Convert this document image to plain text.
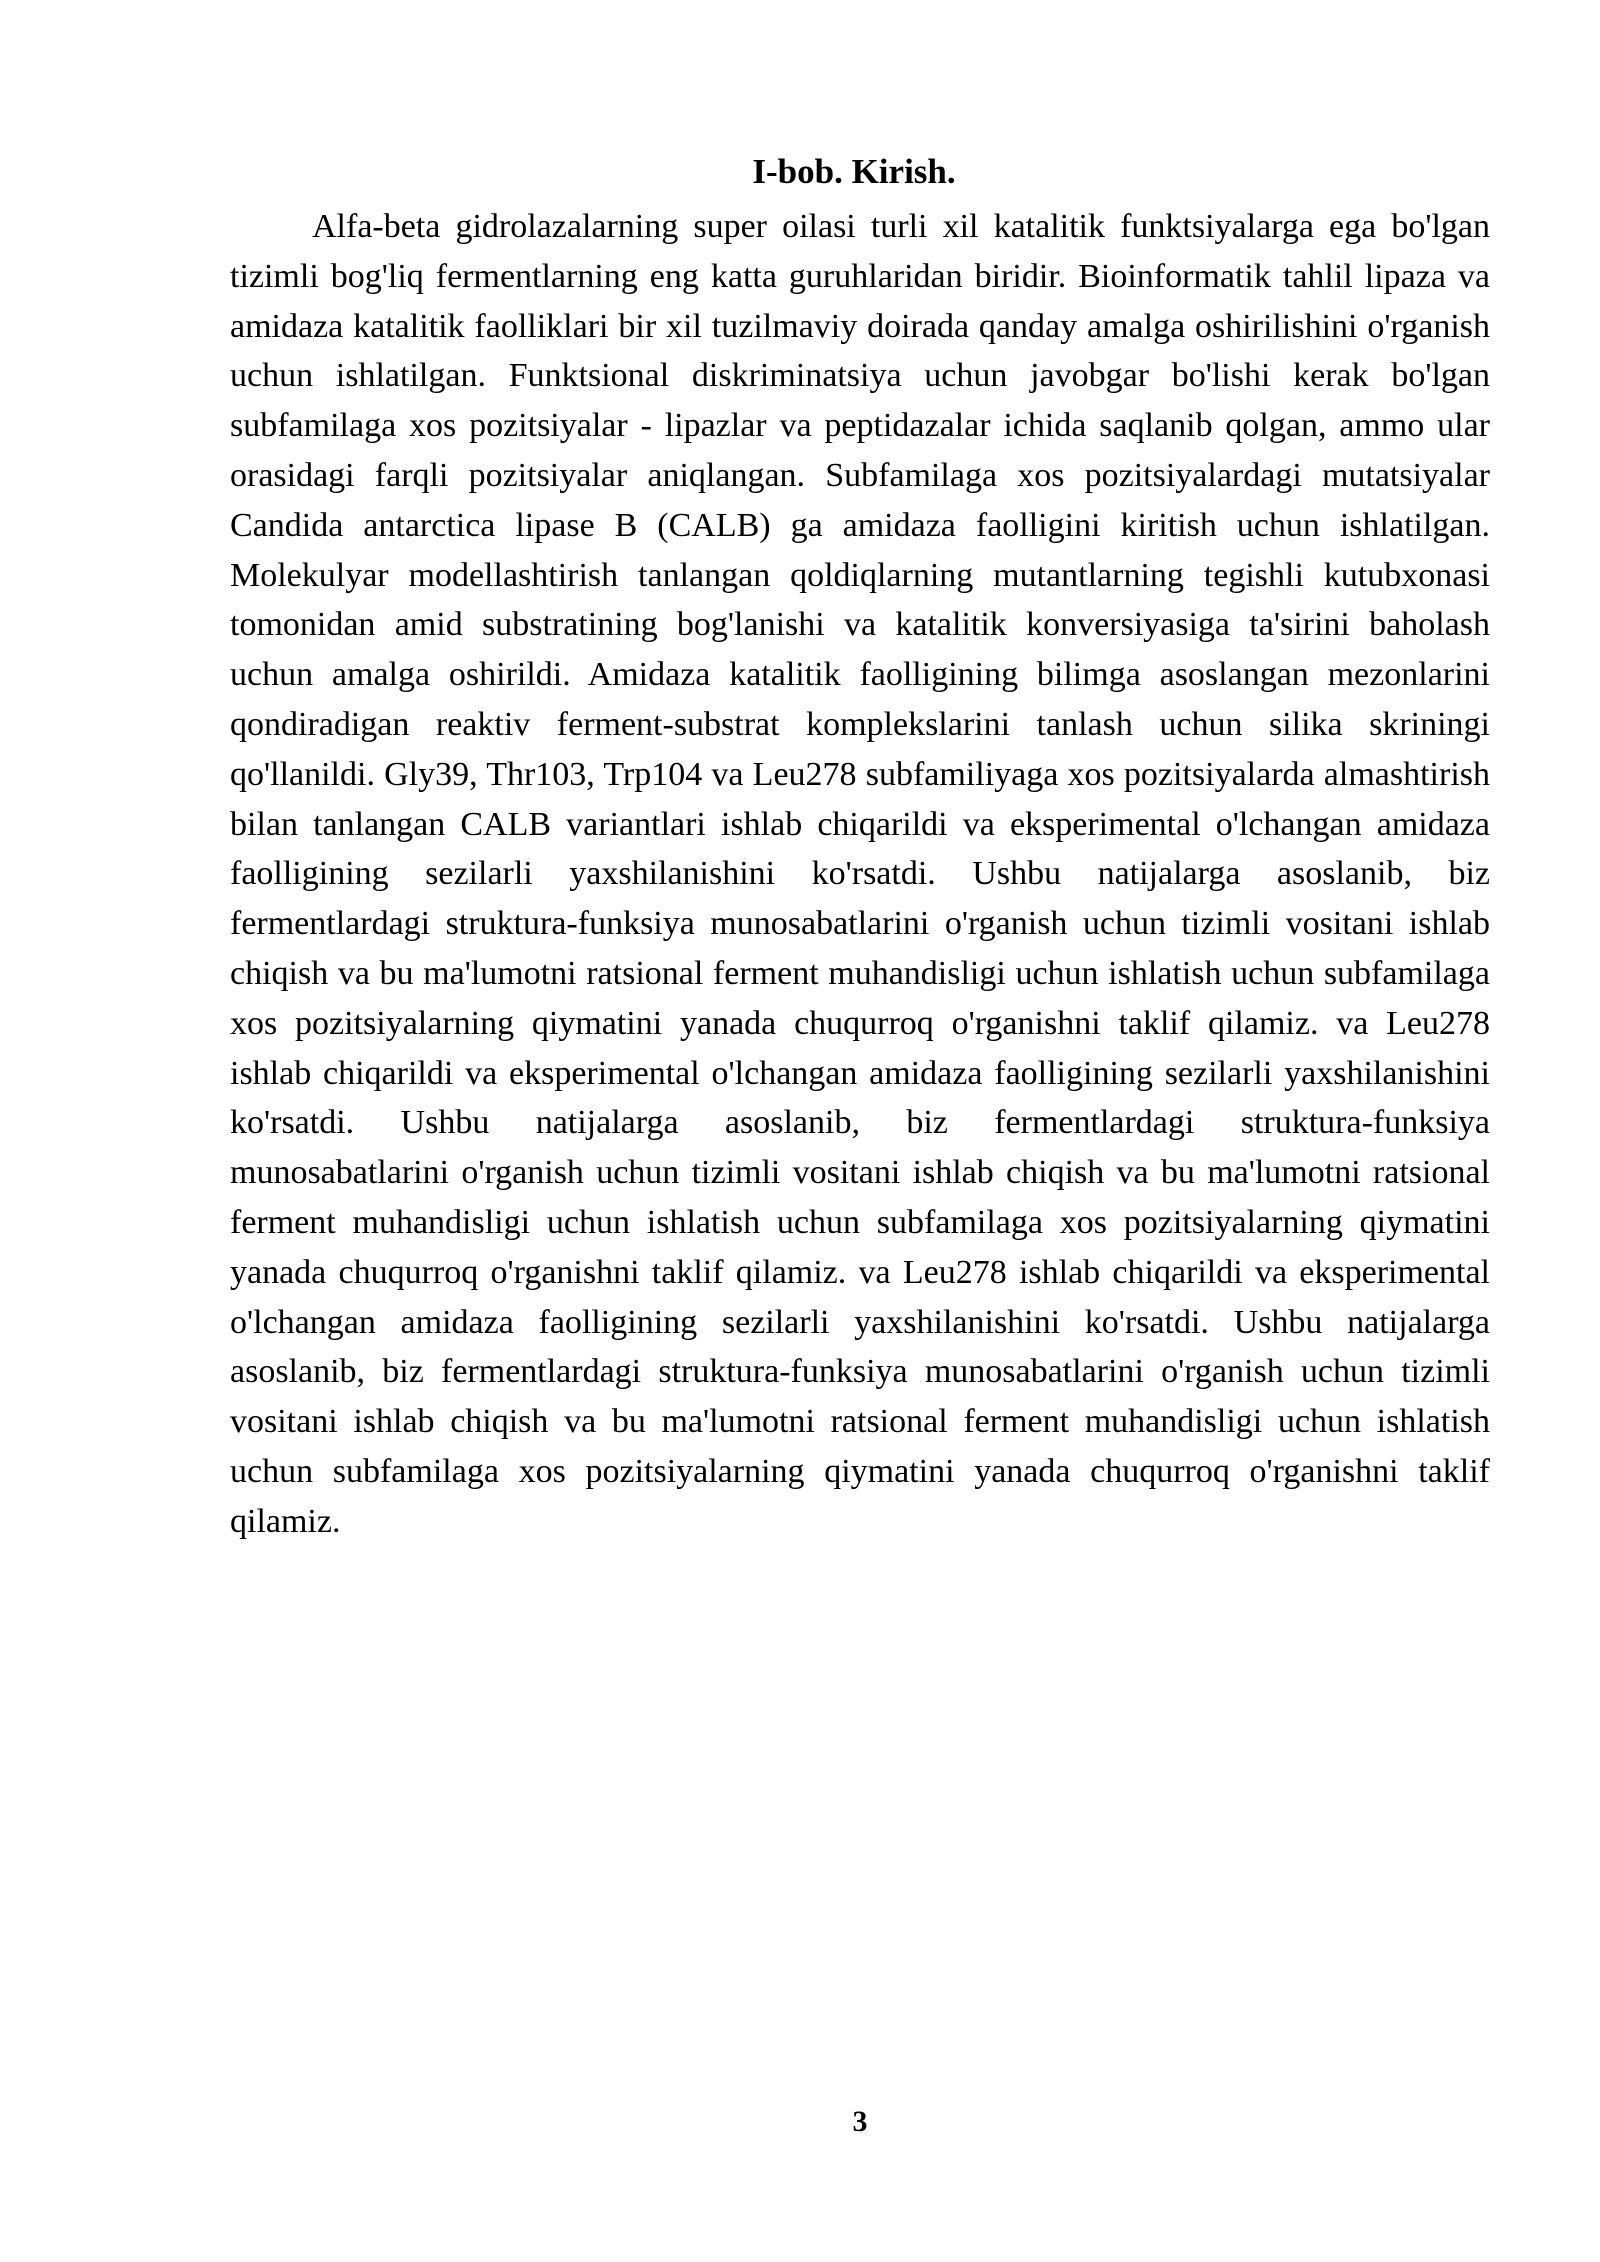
I-bob. Kirish.

Alfa-beta gidrolazalarning super oilasi turli xil katalitik funktsiyalarga ega bo'lgan tizimli bog'liq fermentlarning eng katta guruhlaridan biridir. Bioinformatik tahlil lipaza va amidaza katalitik faolliklari bir xil tuzilmaviy doirada qanday amalga oshirilishini o'rganish uchun ishlatilgan. Funktsional diskriminatsiya uchun javobgar bo'lishi kerak bo'lgan subfamilaga xos pozitsiyalar - lipazlar va peptidazalar ichida saqlanib qolgan, ammo ular orasidagi farqli pozitsiyalar aniqlangan. Subfamilaga xos pozitsiyalardagi mutatsiyalar Candida antarctica lipase B (CALB) ga amidaza faolligini kiritish uchun ishlatilgan. Molekulyar modellashtirish tanlangan qoldiqlarning mutantlarning tegishli kutubxonasi tomonidan amid substratining bog'lanishi va katalitik konversiyasiga ta'sirini baholash uchun amalga oshirildi. Amidaza katalitik faolligining bilimga asoslangan mezonlarini qondiradigan reaktiv ferment-substrat komplekslarini tanlash uchun silika skriningi qo'llanildi. Gly39, Thr103, Trp104 va Leu278 subfamiliyaga xos pozitsiyalarda almashtirish bilan tanlangan CALB variantlari ishlab chiqarildi va eksperimental o'lchangan amidaza faolligining sezilarli yaxshilanishini ko'rsatdi. Ushbu natijalarga asoslanib, biz fermentlardagi struktura-funksiya munosabatlarini o'rganish uchun tizimli vositani ishlab chiqish va bu ma'lumotni ratsional ferment muhandisligi uchun ishlatish uchun subfamilaga xos pozitsiyalarning qiymatini yanada chuqurroq o'rganishni taklif qilamiz. va Leu278 ishlab chiqarildi va eksperimental o'lchangan amidaza faolligining sezilarli yaxshilanishini ko'rsatdi. Ushbu natijalarga asoslanib, biz fermentlardagi struktura-funksiya munosabatlarini o'rganish uchun tizimli vositani ishlab chiqish va bu ma'lumotni ratsional ferment muhandisligi uchun ishlatish uchun subfamilaga xos pozitsiyalarning qiymatini yanada chuqurroq o'rganishni taklif qilamiz. va Leu278 ishlab chiqarildi va eksperimental o'lchangan amidaza faolligining sezilarli yaxshilanishini ko'rsatdi. Ushbu natijalarga asoslanib, biz fermentlardagi struktura-funksiya munosabatlarini o'rganish uchun tizimli vositani ishlab chiqish va bu ma'lumotni ratsional ferment muhandisligi uchun ishlatish uchun subfamilaga xos pozitsiyalarning qiymatini yanada chuqurroq o'rganishni taklif qilamiz.

3
